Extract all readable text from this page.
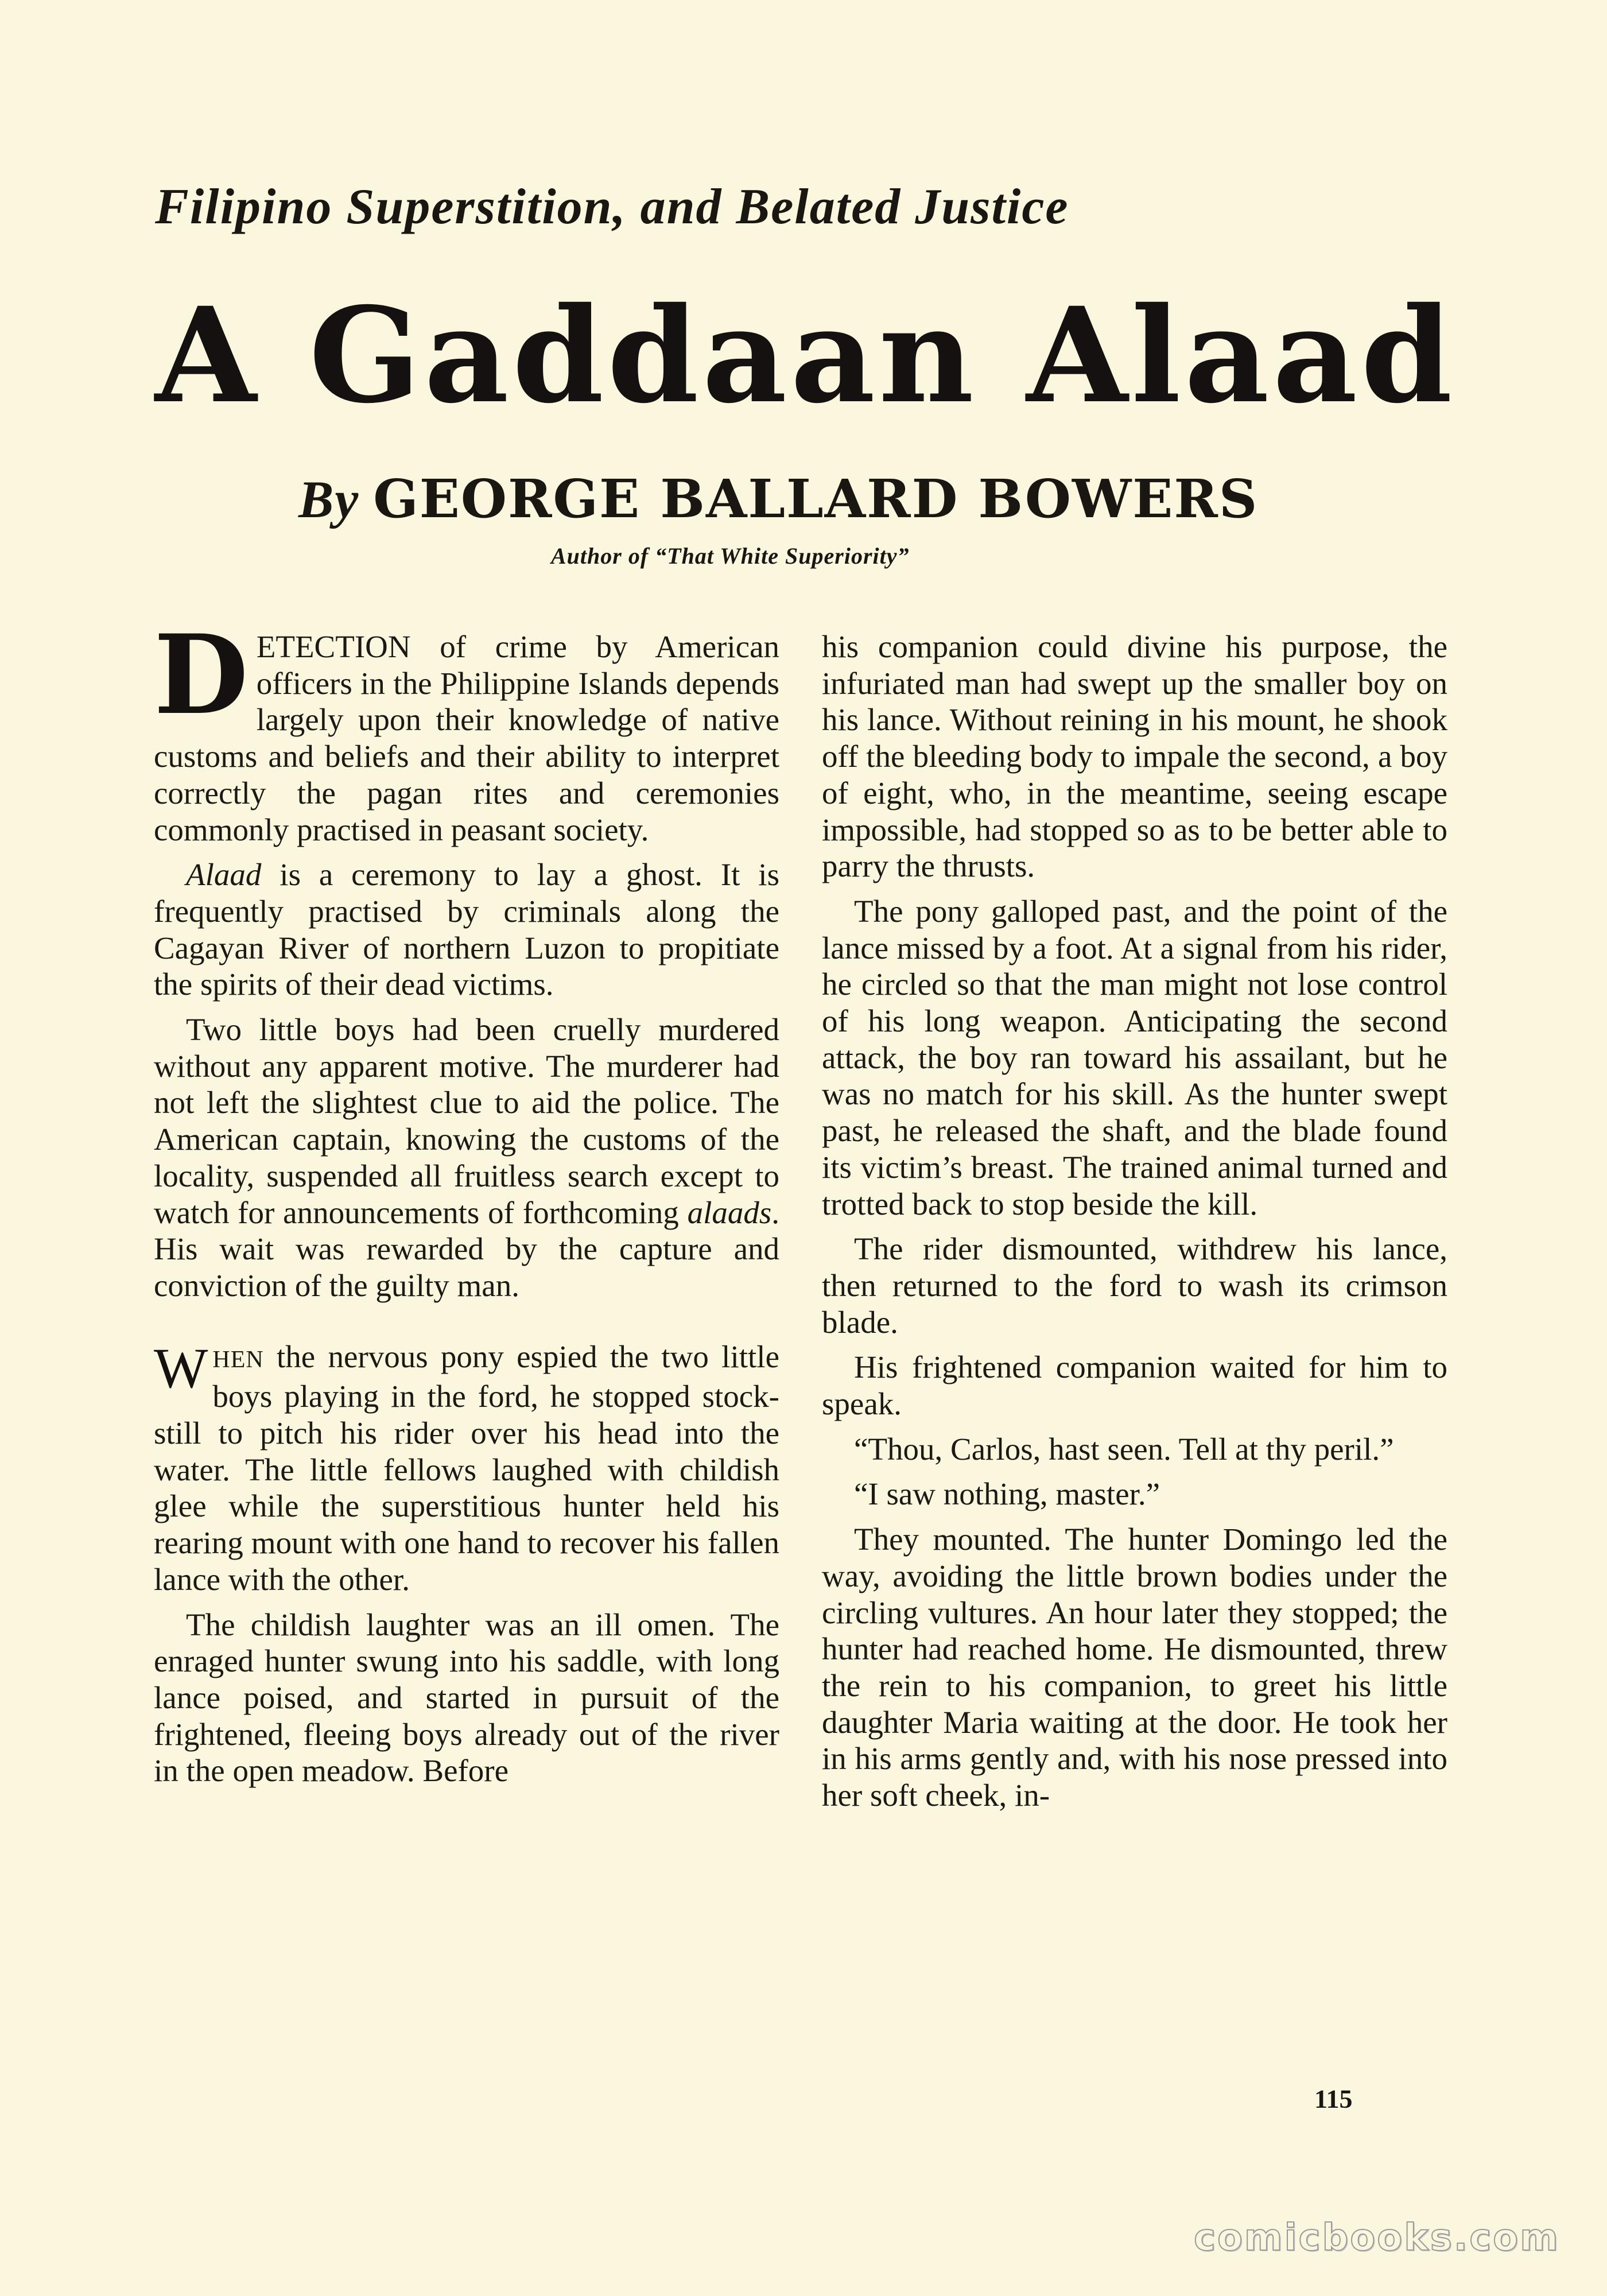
Filipino Superstition, and Belated Justice
A Gaddaan Alaad
By GEORGE BALLARD BOWERS
Author of “That White Superiority”

DETECTION of crime by American officers in the Philippine Islands depends largely upon their knowledge of native customs and beliefs and their ability to interpret correctly the pagan rites and ceremonies commonly practised in peasant society.

Alaad is a ceremony to lay a ghost. It is frequently practised by criminals along the Cagayan River of northern Luzon to propitiate the spirits of their dead victims.

Two little boys had been cruelly murdered without any apparent motive. The murderer had not left the slightest clue to aid the police. The American captain, knowing the customs of the locality, suspended all fruitless search except to watch for announcements of forthcoming alaads. His wait was rewarded by the capture and conviction of the guilty man.

WHEN the nervous pony espied the two little boys playing in the ford, he stopped stock-still to pitch his rider over his head into the water. The little fellows laughed with childish glee while the superstitious hunter held his rearing mount with one hand to recover his fallen lance with the other.

The childish laughter was an ill omen. The enraged hunter swung into his saddle, with long lance poised, and started in pursuit of the frightened, fleeing boys already out of the river in the open meadow. Before

his companion could divine his purpose, the infuriated man had swept up the smaller boy on his lance. Without reining in his mount, he shook off the bleeding body to impale the second, a boy of eight, who, in the meantime, seeing escape impossible, had stopped so as to be better able to parry the thrusts.

The pony galloped past, and the point of the lance missed by a foot. At a signal from his rider, he circled so that the man might not lose control of his long weapon. Anticipating the second attack, the boy ran toward his assailant, but he was no match for his skill. As the hunter swept past, he released the shaft, and the blade found its victim’s breast. The trained animal turned and trotted back to stop beside the kill.

The rider dismounted, withdrew his lance, then returned to the ford to wash its crimson blade.

His frightened companion waited for him to speak.

“Thou, Carlos, hast seen. Tell at thy peril.”

“I saw nothing, master.”

They mounted. The hunter Domingo led the way, avoiding the little brown bodies under the circling vultures. An hour later they stopped; the hunter had reached home. He dismounted, threw the rein to his companion, to greet his little daughter Maria waiting at the door. He took her in his arms gently and, with his nose pressed into her soft cheek, in-

115
comicbooks.com
